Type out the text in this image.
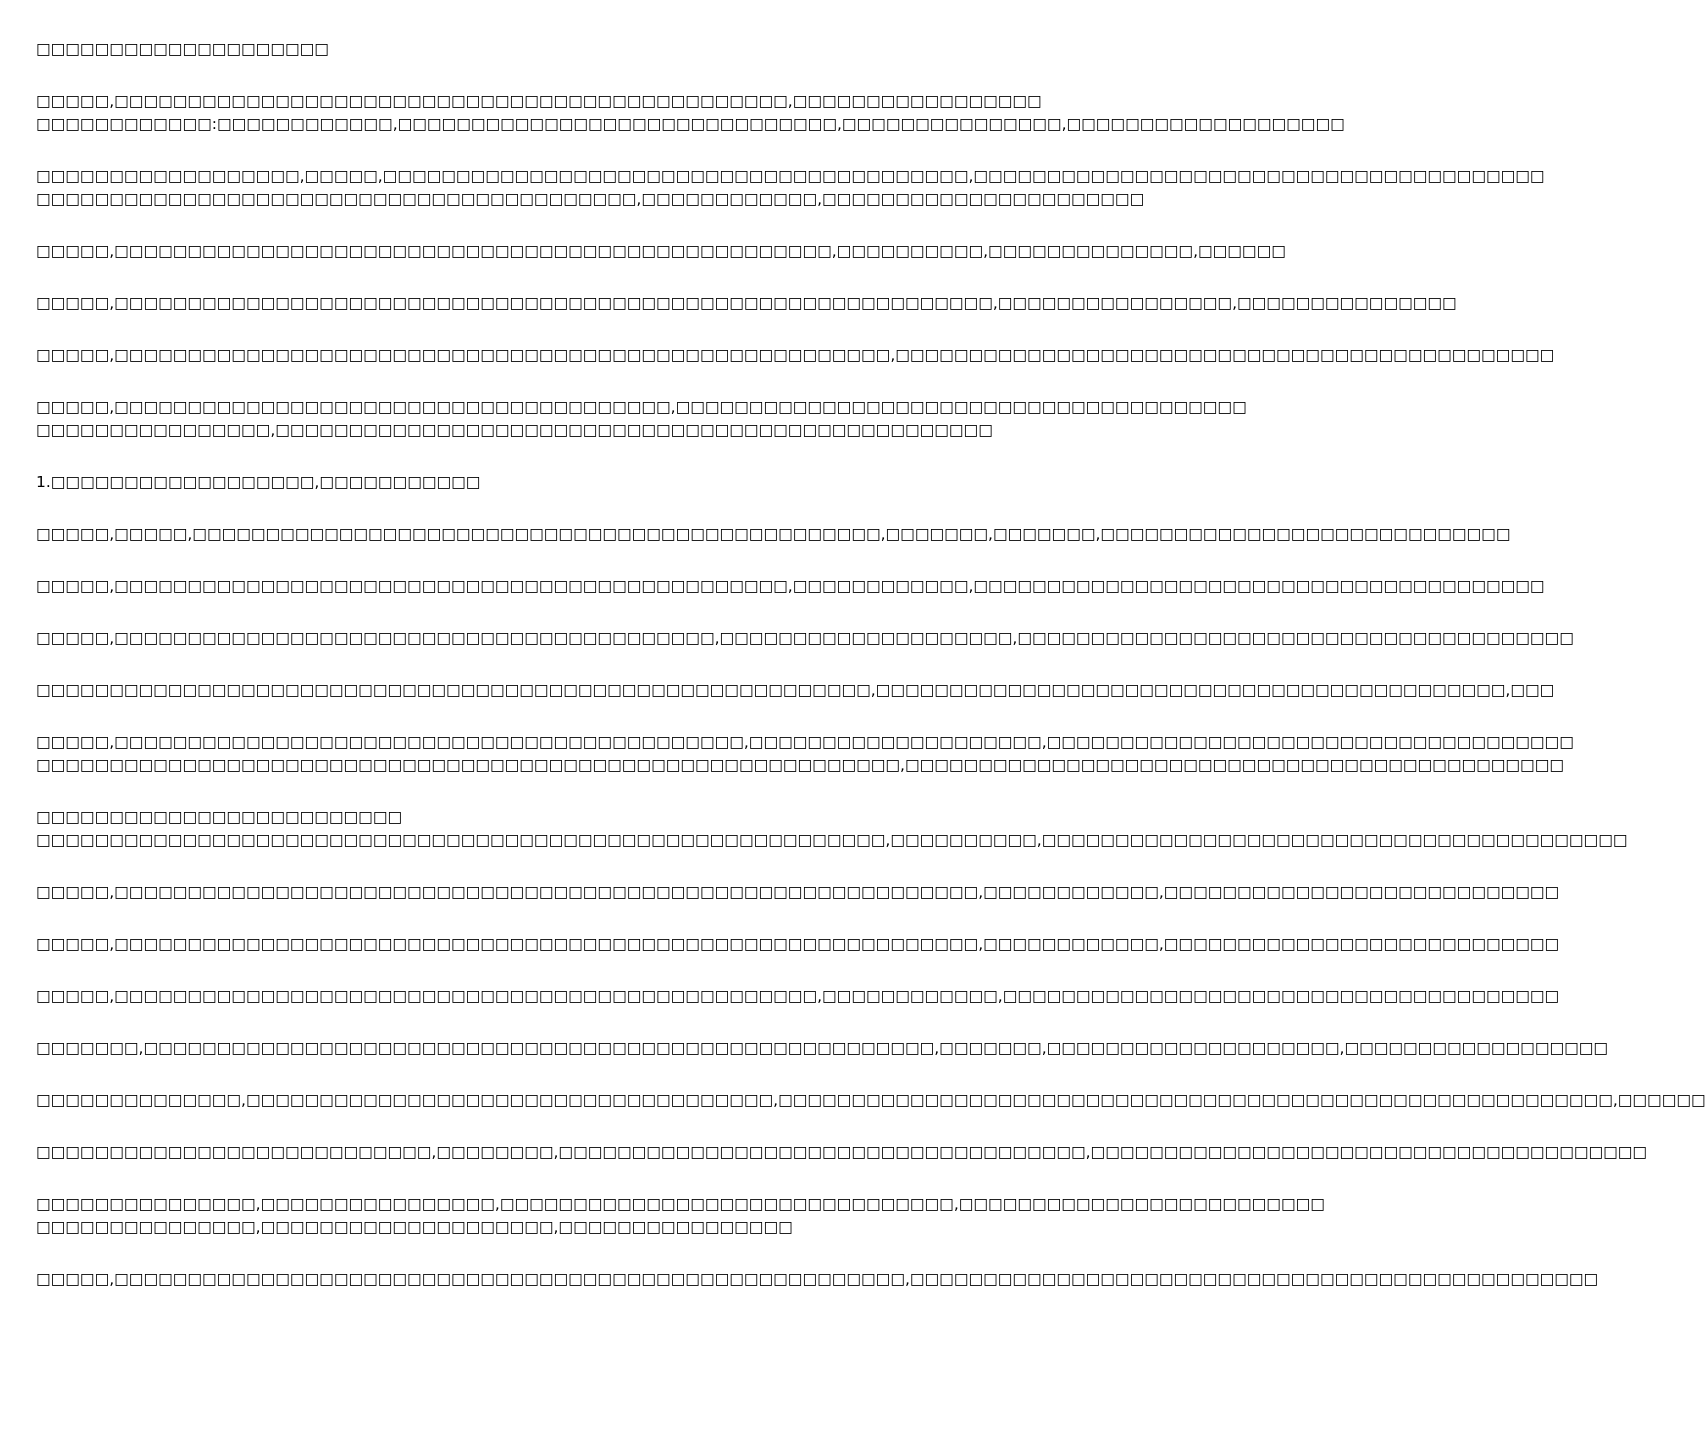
□□□□□□□□□□□□□□□□□□□□
□□□□□,□□□□□□□□□□□□□□□□□□□□□□□□□□□□□□□□□□□□□□□□□□□□□□,□□□□□□□□□□□□□□□□□
□□□□□□□□□□□□:□□□□□□□□□□□□,□□□□□□□□□□□□□□□□□□□□□□□□□□□□□□,□□□□□□□□□□□□□□□,□□□□□□□□□□□□□□□□□□□
□□□□□□□□□□□□□□□□□□,□□□□□,□□□□□□□□□□□□□□□□□□□□□□□□□□□□□□□□□□□□□□□□,□□□□□□□□□□□□□□□□□□□□□□□□□□□□□□□□□□□□□□□
□□□□□□□□□□□□□□□□□□□□□□□□□□□□□□□□□□□□□□□□□,□□□□□□□□□□□□,□□□□□□□□□□□□□□□□□□□□□□
□□□□□,□□□□□□□□□□□□□□□□□□□□□□□□□□□□□□□□□□□□□□□□□□□□□□□□□,□□□□□□□□□□,□□□□□□□□□□□□□□,□□□□□□
□□□□□,□□□□□□□□□□□□□□□□□□□□□□□□□□□□□□□□□□□□□□□□□□□□□□□□□□□□□□□□□□□□,□□□□□□□□□□□□□□□□,□□□□□□□□□□□□□□□
□□□□□,□□□□□□□□□□□□□□□□□□□□□□□□□□□□□□□□□□□□□□□□□□□□□□□□□□□□□,□□□□□□□□□□□□□□□□□□□□□□□□□□□□□□□□□□□□□□□□□□□□□
□□□□□,□□□□□□□□□□□□□□□□□□□□□□□□□□□□□□□□□□□□□□,□□□□□□□□□□□□□□□□□□□□□□□□□□□□□□□□□□□□□□□
□□□□□□□□□□□□□□□□,□□□□□□□□□□□□□□□□□□□□□□□□□□□□□□□□□□□□□□□□□□□□□□□□□
1.□□□□□□□□□□□□□□□□□□,□□□□□□□□□□□
□□□□□,□□□□□,□□□□□□□□□□□□□□□□□□□□□□□□□□□□□□□□□□□□□□□□□□□□□□□,□□□□□□□,□□□□□□□,□□□□□□□□□□□□□□□□□□□□□□□□□□□□
□□□□□,□□□□□□□□□□□□□□□□□□□□□□□□□□□□□□□□□□□□□□□□□□□□□□,□□□□□□□□□□□□,□□□□□□□□□□□□□□□□□□□□□□□□□□□□□□□□□□□□□□□
□□□□□,□□□□□□□□□□□□□□□□□□□□□□□□□□□□□□□□□□□□□□□□□,□□□□□□□□□□□□□□□□□□□□,□□□□□□□□□□□□□□□□□□□□□□□□□□□□□□□□□□□□□□
□□□□□□□□□□□□□□□□□□□□□□□□□□□□□□□□□□□□□□□□□□□□□□□□□□□□□□□□□,□□□□□□□□□□□□□□□□□□□□□□□□□□□□□□□□□□□□□□□□□□□,□□□
□□□□□,□□□□□□□□□□□□□□□□□□□□□□□□□□□□□□□□□□□□□□□□□□□,□□□□□□□□□□□□□□□□□□□□,□□□□□□□□□□□□□□□□□□□□□□□□□□□□□□□□□□□□
□□□□□□□□□□□□□□□□□□□□□□□□□□□□□□□□□□□□□□□□□□□□□□□□□□□□□□□□□□□,□□□□□□□□□□□□□□□□□□□□□□□□□□□□□□□□□□□□□□□□□□□□□
□□□□□□□□□□□□□□□□□□□□□□□□□
□□□□□□□□□□□□□□□□□□□□□□□□□□□□□□□□□□□□□□□□□□□□□□□□□□□□□□□□□□,□□□□□□□□□□,□□□□□□□□□□□□□□□□□□□□□□□□□□□□□□□□□□□□□□□□
□□□□□,□□□□□□□□□□□□□□□□□□□□□□□□□□□□□□□□□□□□□□□□□□□□□□□□□□□□□□□□□□□,□□□□□□□□□□□□,□□□□□□□□□□□□□□□□□□□□□□□□□□□
□□□□□,□□□□□□□□□□□□□□□□□□□□□□□□□□□□□□□□□□□□□□□□□□□□□□□□□□□□□□□□□□□,□□□□□□□□□□□□,□□□□□□□□□□□□□□□□□□□□□□□□□□□
□□□□□,□□□□□□□□□□□□□□□□□□□□□□□□□□□□□□□□□□□□□□□□□□□□□□□□,□□□□□□□□□□□□,□□□□□□□□□□□□□□□□□□□□□□□□□□□□□□□□□□□□□□
□□□□□□□,□□□□□□□□□□□□□□□□□□□□□□□□□□□□□□□□□□□□□□□□□□□□□□□□□□□□□□,□□□□□□□,□□□□□□□□□□□□□□□□□□□□,□□□□□□□□□□□□□□□□□□
□□□□□□□□□□□□□□,□□□□□□□□□□□□□□□□□□□□□□□□□□□□□□□□□□□□,□□□□□□□□□□□□□□□□□□□□□□□□□□□□□□□□□□□□□□□□□□□□□□□□□□□□□□□□□,□□□□□□
□□□□□□□□□□□□□□□□□□□□□□□□□□□,□□□□□□□□,□□□□□□□□□□□□□□□□□□□□□□□□□□□□□□□□□□□□,□□□□□□□□□□□□□□□□□□□□□□□□□□□□□□□□□□□□□□
□□□□□□□□□□□□□□□,□□□□□□□□□□□□□□□□,□□□□□□□□□□□□□□□□□□□□□□□□□□□□□□□,□□□□□□□□□□□□□□□□□□□□□□□□□
□□□□□□□□□□□□□□□,□□□□□□□□□□□□□□□□□□□□,□□□□□□□□□□□□□□□□
□□□□□,□□□□□□□□□□□□□□□□□□□□□□□□□□□□□□□□□□□□□□□□□□□□□□□□□□□□□□,□□□□□□□□□□□□□□□□□□□□□□□□□□□□□□□□□□□□□□□□□□□□□□□
